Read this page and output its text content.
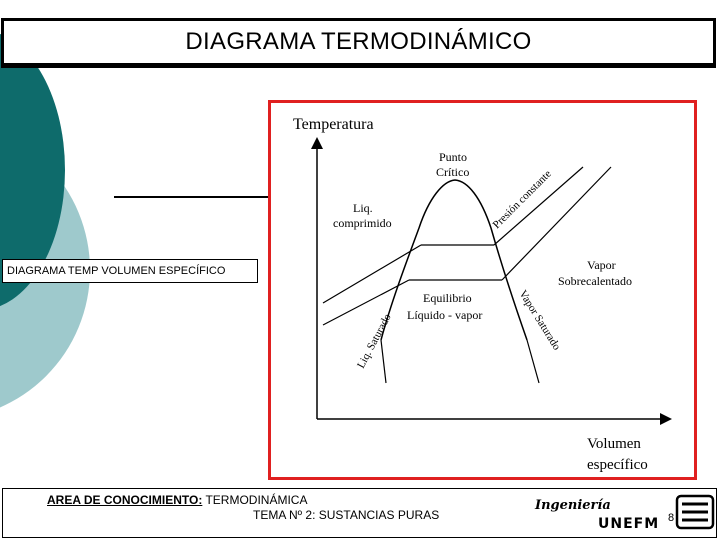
DIAGRAMA TERMODINÁMICO
DIAGRAMA TEMP VOLUMEN ESPECÍFICO
Temperatura
Volumen
específico
Punto
Crítico
Liq.
comprimido	Presión constante
Vapor
Sobrecalentado
Equilibrio
Líquido - vapor
Liq. Saturado	Vapor Saturado
AREA DE CONOCIMIENTO: TERMODINÁMICA
TEMA Nº 2: SUSTANCIAS PURAS
Ingeniería
UNEFM 8
